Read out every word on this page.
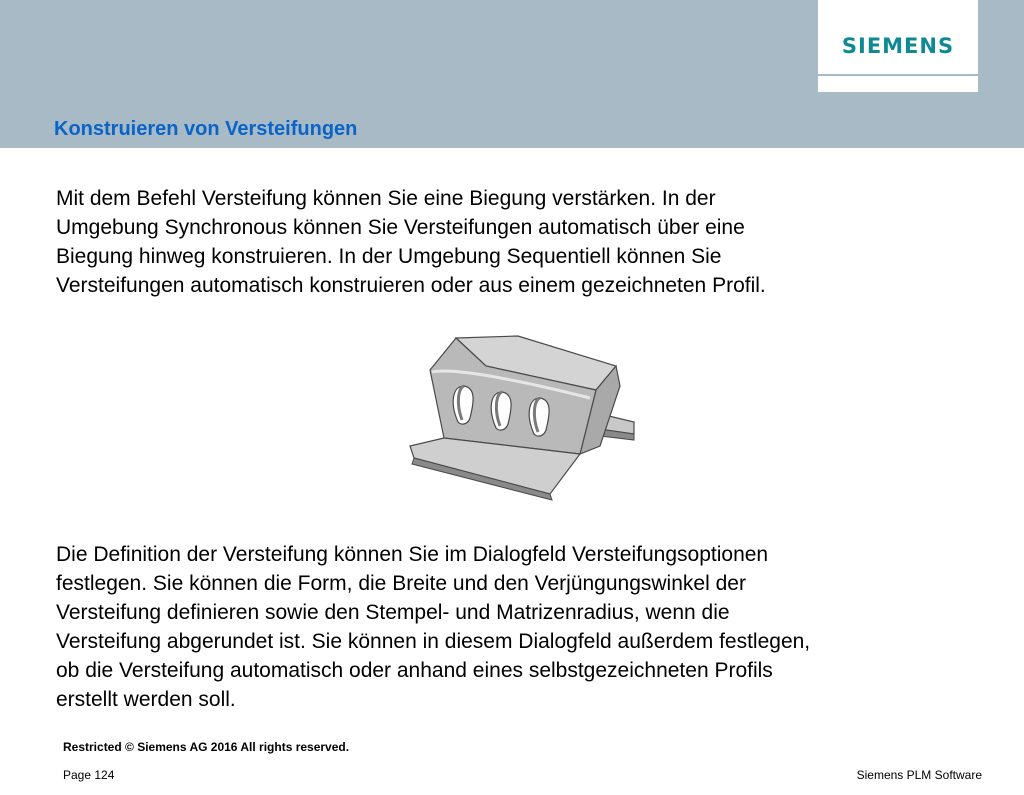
SIEMENS
Konstruieren von Versteifungen

Mit dem Befehl Versteifung können Sie eine Biegung verstärken. In der
Umgebung Synchronous können Sie Versteifungen automatisch über eine
Biegung hinweg konstruieren. In der Umgebung Sequentiell können Sie
Versteifungen automatisch konstruieren oder aus einem gezeichneten Profil.

Die Definition der Versteifung können Sie im Dialogfeld Versteifungsoptionen
festlegen. Sie können die Form, die Breite und den Verjüngungswinkel der
Versteifung definieren sowie den Stempel- und Matrizenradius, wenn die
Versteifung abgerundet ist. Sie können in diesem Dialogfeld außerdem festlegen,
ob die Versteifung automatisch oder anhand eines selbstgezeichneten Profils
erstellt werden soll.

Restricted © Siemens AG 2016 All rights reserved.
Page 124	Siemens PLM Software
